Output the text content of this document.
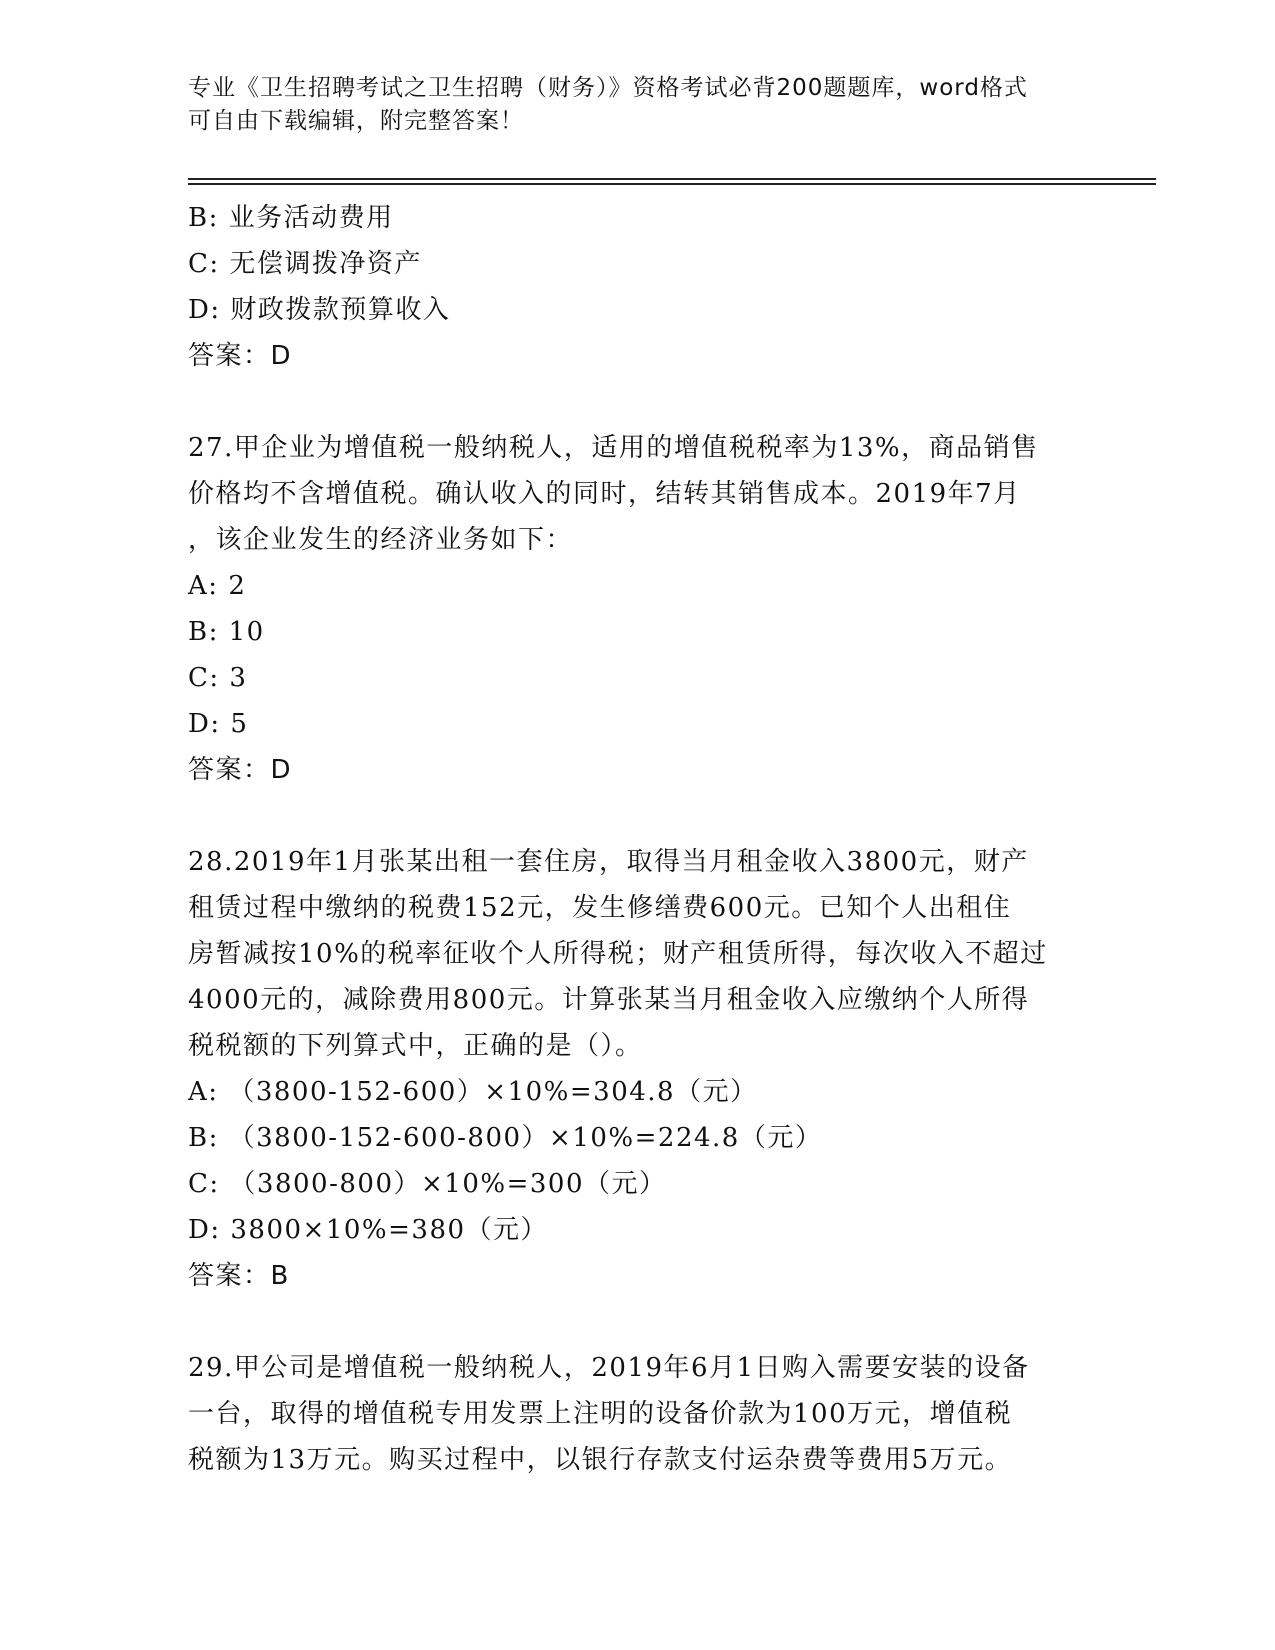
专业《卫生招聘考试之卫生招聘（财务）》资格考试必背200题题库，word格式
可自由下载编辑，附完整答案！
B: 业务活动费用
C: 无偿调拨净资产
D: 财政拨款预算收入
答案：D
27.甲企业为增值税一般纳税人，适用的增值税税率为13%，商品销售
价格均不含增值税。确认收入的同时，结转其销售成本。2019年7月
，该企业发生的经济业务如下：
A: 2
B: 10
C: 3
D: 5
答案：D
28.2019年1月张某出租一套住房，取得当月租金收入3800元，财产
租赁过程中缴纳的税费152元，发生修缮费600元。已知个人出租住
房暂减按10%的税率征收个人所得税；财产租赁所得，每次收入不超过
4000元的，减除费用800元。计算张某当月租金收入应缴纳个人所得
税税额的下列算式中，正确的是（）。
A: （3800-152-600）×10%=304.8（元）
B: （3800-152-600-800）×10%=224.8（元）
C: （3800-800）×10%=300（元）
D: 3800×10%=380（元）
答案：B
29.甲公司是增值税一般纳税人，2019年6月1日购入需要安装的设备
一台，取得的增值税专用发票上注明的设备价款为100万元，增值税
税额为13万元。购买过程中，以银行存款支付运杂费等费用5万元。
